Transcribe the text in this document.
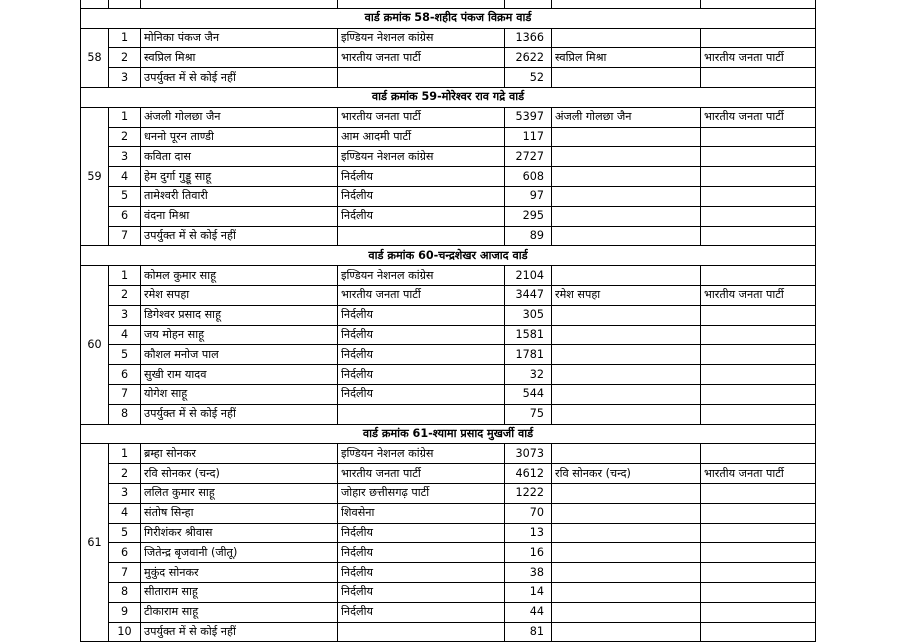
वार्ड क्रमांक 58-शहीद पंकज विक्रम वार्ड						
58	1	मोनिका पंकज जैन	इण्डियन नेशनल कांग्रेस	1366		
	2	स्वप्रिल मिश्रा	भारतीय जनता पार्टी	2622	स्वप्रिल मिश्रा	भारतीय जनता पार्टी
	3	उपर्युक्त में से कोई नहीं		52		
वार्ड क्रमांक 59-मोरेश्वर राव गद्रे वार्ड						
59	1	अंजली गोलछा जैन	भारतीय जनता पार्टी	5397	अंजली गोलछा जैन	भारतीय जनता पार्टी
	2	धननो पूरन ताण्डी	आम आदमी पार्टी	117		
	3	कविता दास	इण्डियन नेशनल कांग्रेस	2727		
	4	हेम दुर्गा गुड्डू साहू	निर्दलीय	608		
	5	तामेश्वरी तिवारी	निर्दलीय	97		
	6	वंदना मिश्रा	निर्दलीय	295		
	7	उपर्युक्त में से कोई नहीं		89		
वार्ड क्रमांक 60-चन्द्रशेखर आजाद वार्ड						
60	1	कोमल कुमार साहू	इण्डियन नेशनल कांग्रेस	2104		
	2	रमेश सपहा	भारतीय जनता पार्टी	3447	रमेश सपहा	भारतीय जनता पार्टी
	3	डिगेश्वर प्रसाद साहू	निर्दलीय	305		
	4	जय मोहन साहू	निर्दलीय	1581		
	5	कौशल मनोज पाल	निर्दलीय	1781		
	6	सुखी राम यादव	निर्दलीय	32		
	7	योगेश साहू	निर्दलीय	544		
	8	उपर्युक्त में से कोई नहीं		75		
वार्ड क्रमांक 61-श्यामा प्रसाद मुखर्जी वार्ड						
61	1	ब्रम्हा सोनकर	इण्डियन नेशनल कांग्रेस	3073		
	2	रवि सोनकर (चन्द)	भारतीय जनता पार्टी	4612	रवि सोनकर (चन्द)	भारतीय जनता पार्टी
	3	ललित कुमार साहू	जोहार छत्तीसगढ़ पार्टी	1222		
	4	संतोष सिन्हा	शिवसेना	70		
	5	गिरीशंकर श्रीवास	निर्दलीय	13		
	6	जितेन्द्र बृजवानी (जीतू)	निर्दलीय	16		
	7	मुकुंद सोनकर	निर्दलीय	38		
	8	सीताराम साहू	निर्दलीय	14		
	9	टीकाराम साहू	निर्दलीय	44		
	10	उपर्युक्त में से कोई नहीं		81		
